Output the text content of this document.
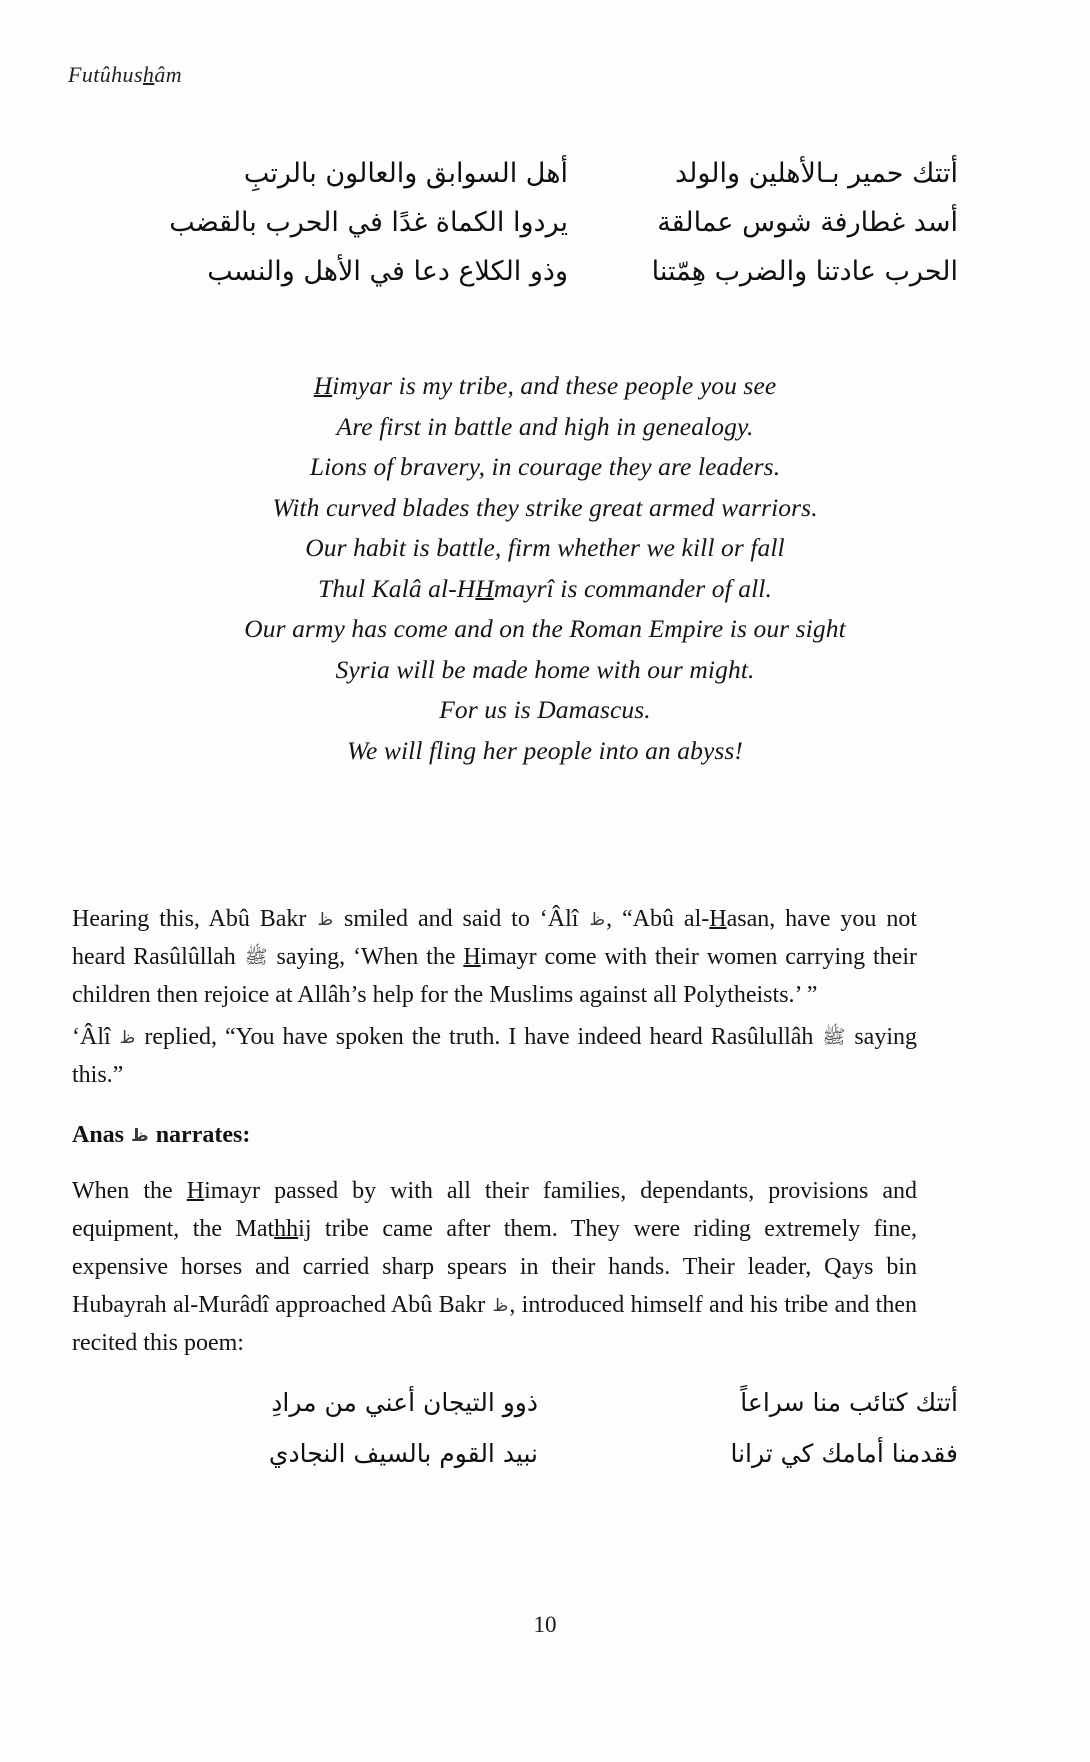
Futûhushâm
أتتك حمير بـالأهلين والولد
أهل السوابق والعالون بالرتبِ
أسد غطارفة شوس عمالقة
يردوا الكماة غدًا في الحرب بالقضب
الحرب عادتنا والضرب هِمّتنا
وذو الكلاع دعا في الأهل والنسب
Himyar is my tribe, and these people you see
Are first in battle and high in genealogy.
Lions of bravery, in courage they are leaders.
With curved blades they strike great armed warriors.
Our habit is battle, firm whether we kill or fall
Thul Kalâ al-HHmayrî is commander of all.
Our army has come and on the Roman Empire is our sight
Syria will be made home with our might.
For us is Damascus.
We will fling her people into an abyss!
Hearing this, Abû Bakr ظ smiled and said to ‘Âlî ظ, “Abû al-Hasan, have you not heard Rasûlûllah ﷺ saying, ‘When the Himayr come with their women carrying their children then rejoice at Allâh’s help for the Muslims against all Polytheists.’ ”
‘Âlî ظ replied, “You have spoken the truth. I have indeed heard Rasûlullâh ﷺ saying this.”
Anas ظ narrates:
When the Himayr passed by with all their families, dependants, provisions and equipment, the Mathhij tribe came after them. They were riding extremely fine, expensive horses and carried sharp spears in their hands. Their leader, Qays bin Hubayrah al-Murâdî approached Abû Bakr ظ, introduced himself and his tribe and then recited this poem:
أتتك كتائب منا سراعاً
ذوو التيجان أعني من مرادِ
فقدمنا أمامك كي ترانا
نبيد القوم بالسيف النجادي
10
